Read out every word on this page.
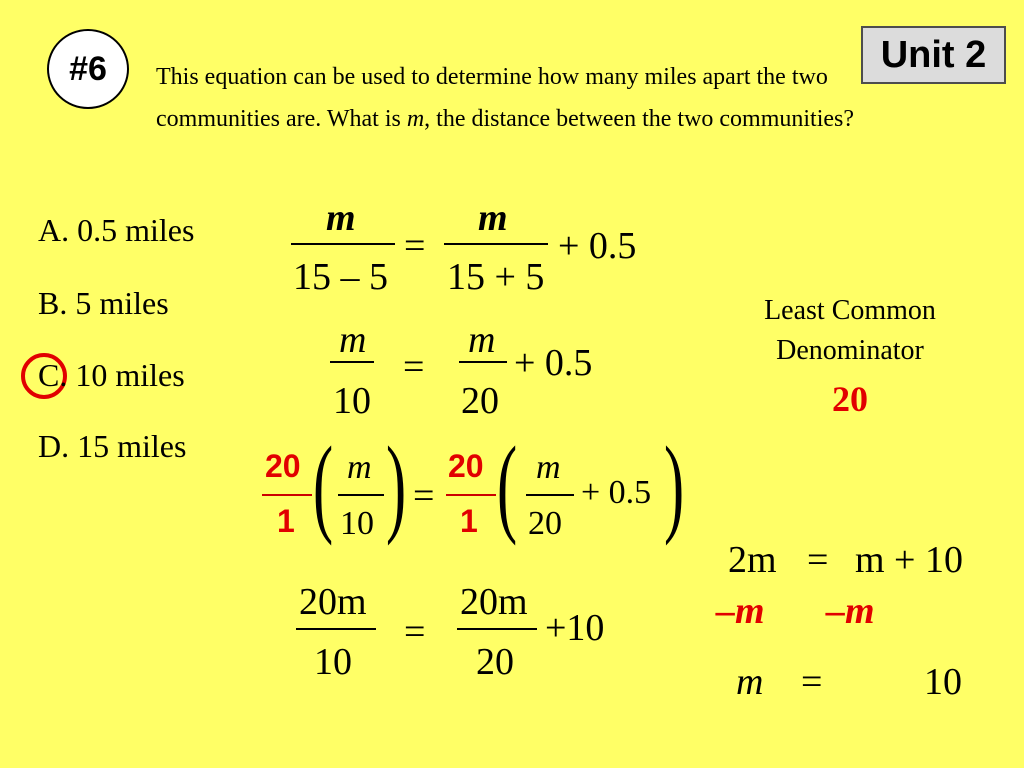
#6	Unit 2
This equation can be used to determine how many miles apart the two communities are. What is m, the distance between the two communities?
A. 0.5 miles
B. 5 miles
C. 10 miles
D. 15 miles
m
15 – 5
=
m
15 + 5
+ 0.5
m
10
=
m
20
+ 0.5
Least Common
Denominator
20
20
1 ( m
10 ) =
20
1 ( m
20
+ 0.5 )
20m
10
=
20m
20
+10
2m = m + 10
–m –m
m =	10
